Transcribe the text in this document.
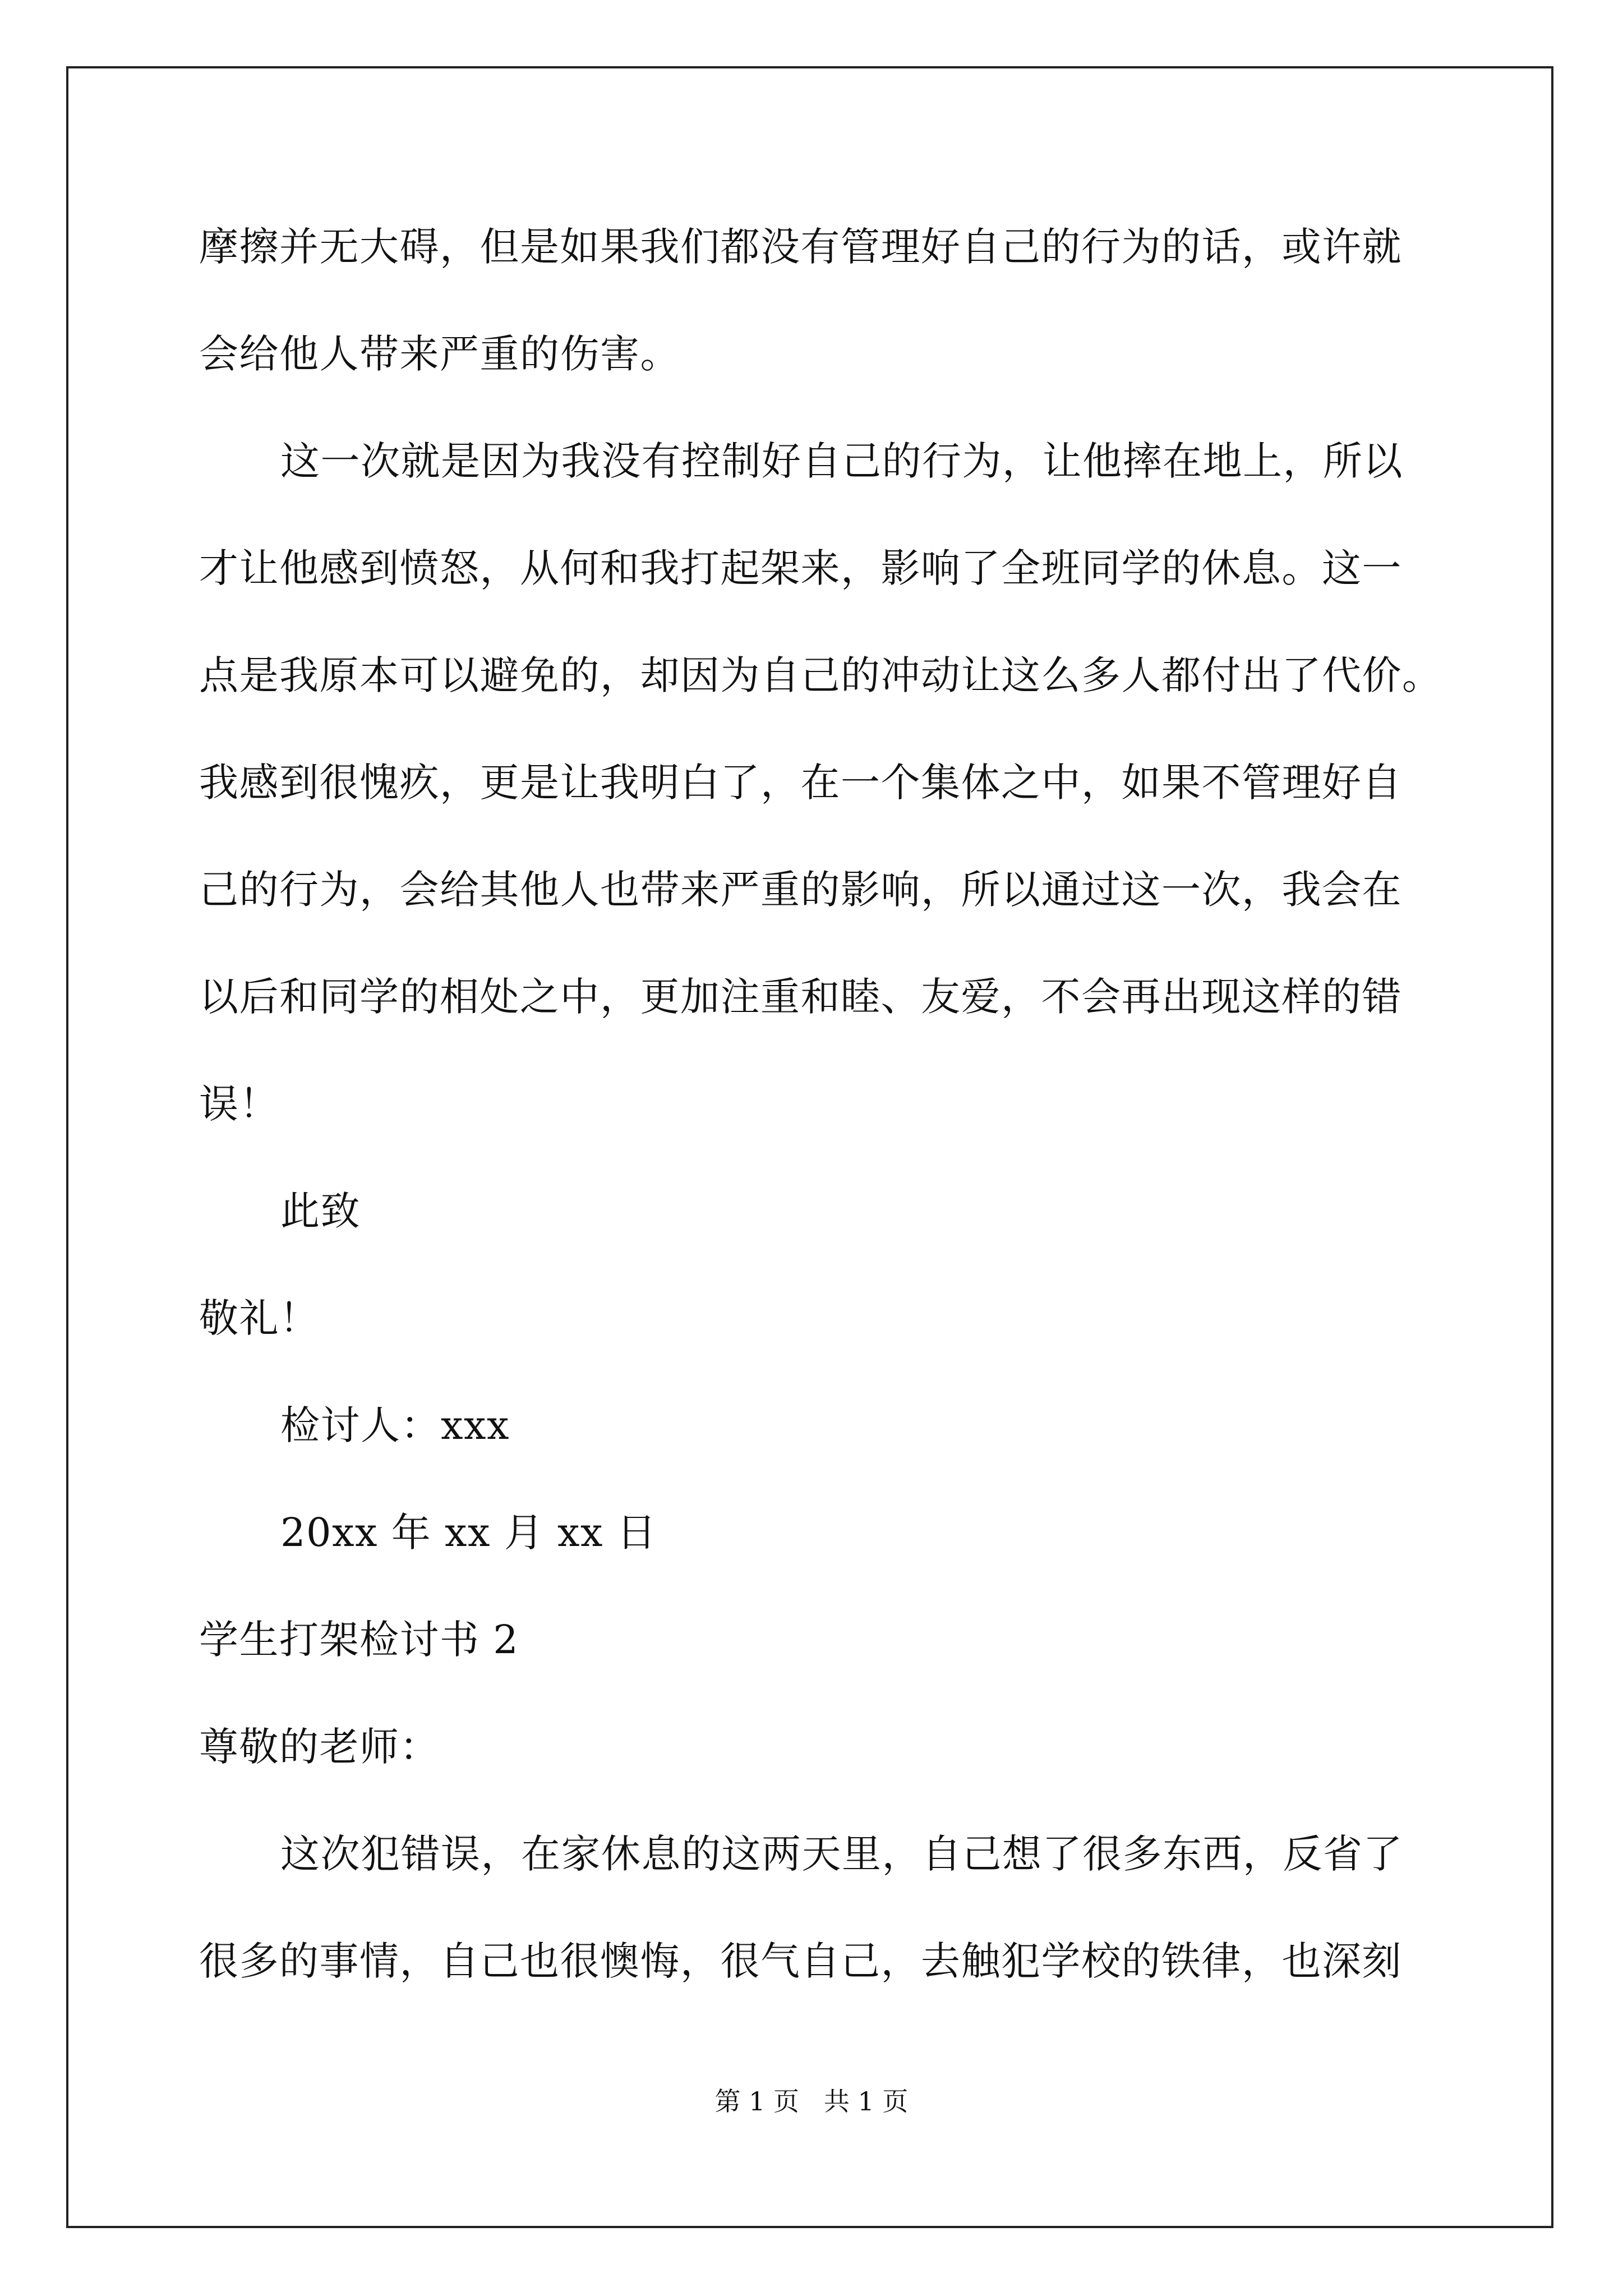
摩擦并无大碍，但是如果我们都没有管理好自己的行为的话，或许就
会给他人带来严重的伤害。
这一次就是因为我没有控制好自己的行为，让他摔在地上，所以
才让他感到愤怒，从何和我打起架来，影响了全班同学的休息。这一
点是我原本可以避免的，却因为自己的冲动让这么多人都付出了代价。
我感到很愧疚，更是让我明白了，在一个集体之中，如果不管理好自
己的行为，会给其他人也带来严重的影响，所以通过这一次，我会在
以后和同学的相处之中，更加注重和睦、友爱，不会再出现这样的错
误！
此致
敬礼！
检讨人：xxx
20xx 年 xx 月 xx 日
学生打架检讨书 2
尊敬的老师：
这次犯错误，在家休息的这两天里，自己想了很多东西，反省了
很多的事情，自己也很懊悔，很气自己，去触犯学校的铁律，也深刻
第 1 页   共 1 页
